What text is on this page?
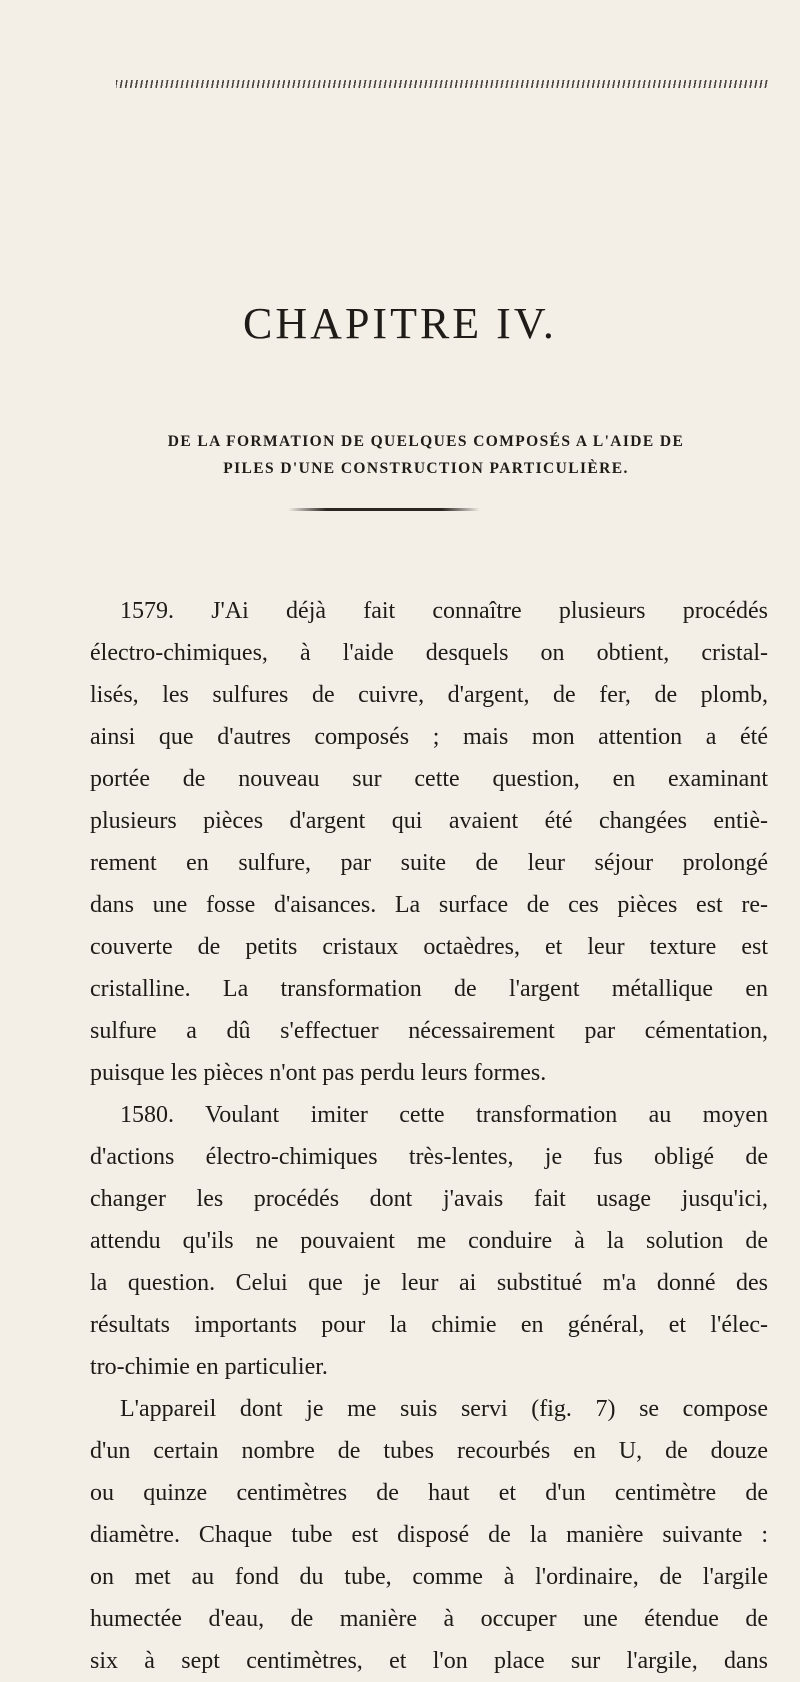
CHAPITRE IV.
DE LA FORMATION DE QUELQUES COMPOSÉS A L'AIDE DE
PILES D'UNE CONSTRUCTION PARTICULIÈRE.
1579. J'Ai déjà fait connaître plusieurs procédés
électro-chimiques, à l'aide desquels on obtient, cristal-
lisés, les sulfures de cuivre, d'argent, de fer, de plomb,
ainsi que d'autres composés ; mais mon attention a été
portée de nouveau sur cette question, en examinant
plusieurs pièces d'argent qui avaient été changées entiè-
rement en sulfure, par suite de leur séjour prolongé
dans une fosse d'aisances. La surface de ces pièces est re-
couverte de petits cristaux octaèdres, et leur texture est
cristalline. La transformation de l'argent métallique en
sulfure a dû s'effectuer nécessairement par cémentation,
puisque les pièces n'ont pas perdu leurs formes.
1580. Voulant imiter cette transformation au moyen
d'actions électro-chimiques très-lentes, je fus obligé de
changer les procédés dont j'avais fait usage jusqu'ici,
attendu qu'ils ne pouvaient me conduire à la solution de
la question. Celui que je leur ai substitué m'a donné des
résultats importants pour la chimie en général, et l'élec-
tro-chimie en particulier.
L'appareil dont je me suis servi (fig. 7) se compose
d'un certain nombre de tubes recourbés en U, de douze
ou quinze centimètres de haut et d'un centimètre de
diamètre. Chaque tube est disposé de la manière suivante :
on met au fond du tube, comme à l'ordinaire, de l'argile
humectée d'eau, de manière à occuper une étendue de
six à sept centimètres, et l'on place sur l'argile, dans
